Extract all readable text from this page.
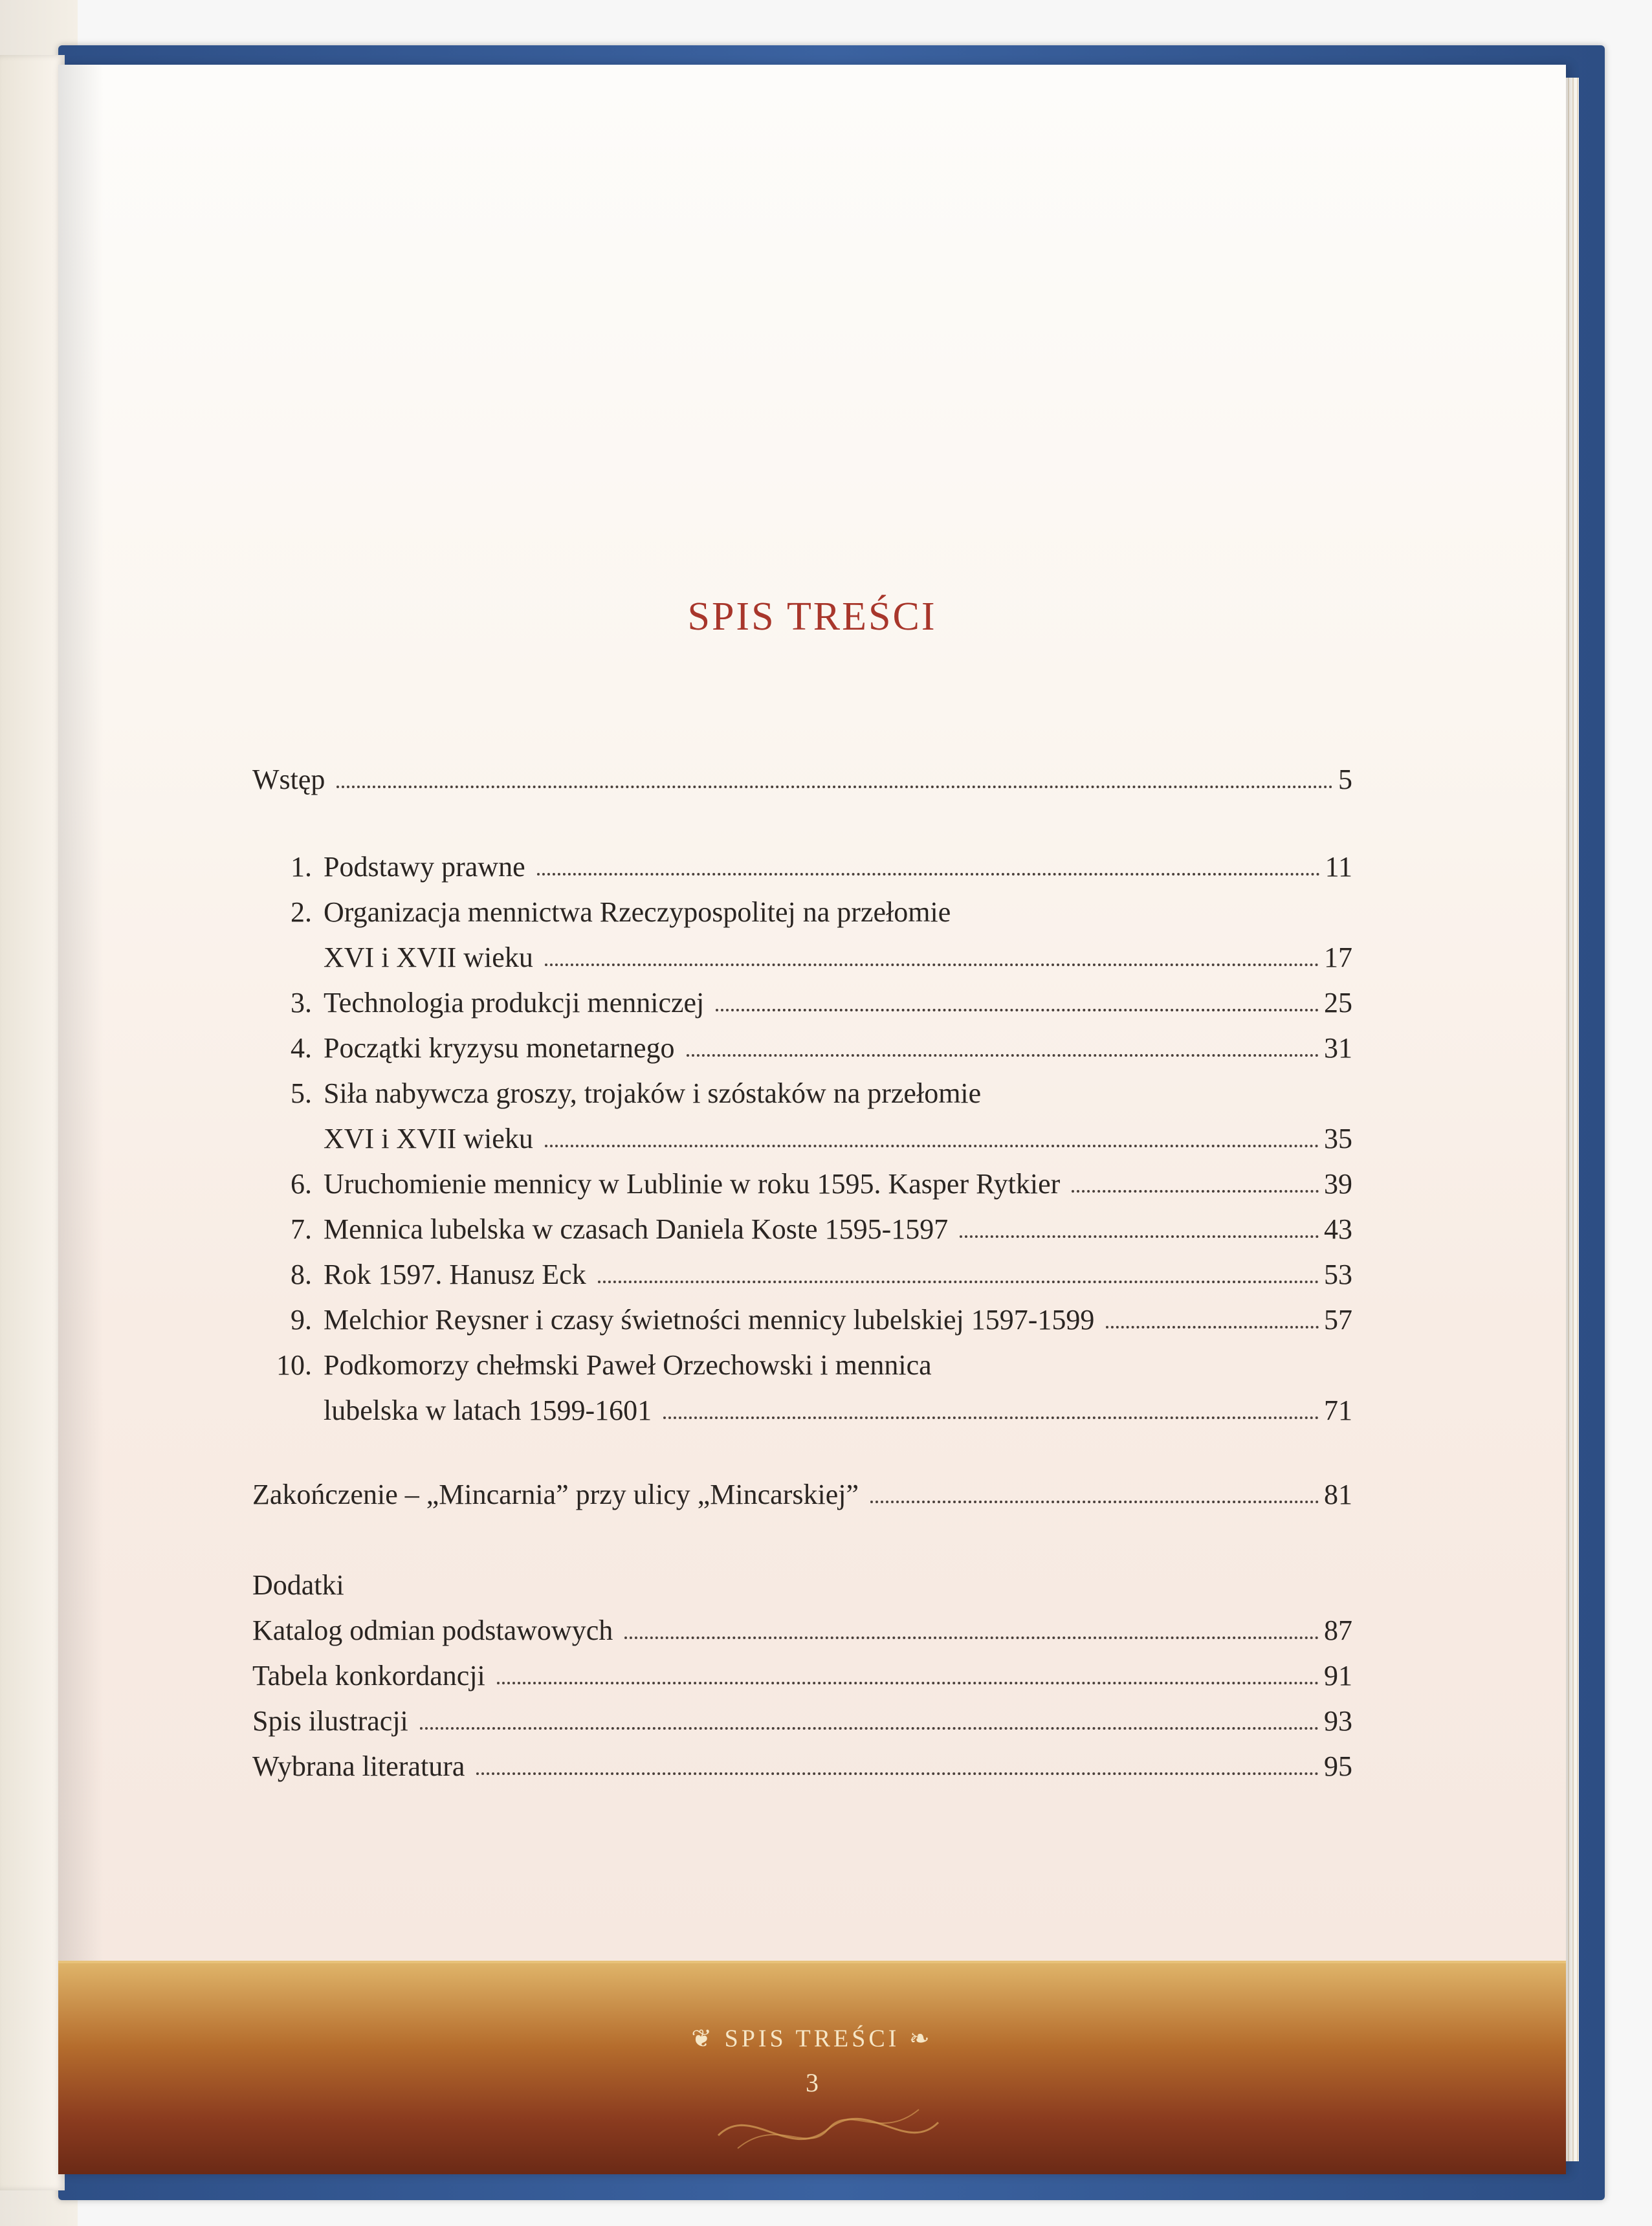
SPIS TREŚCI
Wstęp	5
1. Podstawy prawne	11
2. Organizacja mennictwa Rzeczypospolitej na przełomie
XVI i XVII wieku	17
3. Technologia produkcji menniczej	25
4. Początki kryzysu monetarnego	31
5. Siła nabywcza groszy, trojaków i szóstaków na przełomie
XVI i XVII wieku	35
6. Uruchomienie mennicy w Lublinie w roku 1595. Kasper Rytkier	39
7. Mennica lubelska w czasach Daniela Koste 1595-1597	43
8. Rok 1597. Hanusz Eck	53
9. Melchior Reysner i czasy świetności mennicy lubelskiej 1597-1599	57
10. Podkomorzy chełmski Paweł Orzechowski i mennica
lubelska w latach 1599-1601	71
Zakończenie – „Mincarnia” przy ulicy „Mincarskiej”	81
Dodatki
Katalog odmian podstawowych	87
Tabela konkordancji	91
Spis ilustracji	93
Wybrana literatura	95
❦ SPIS TREŚCI ❧
3
